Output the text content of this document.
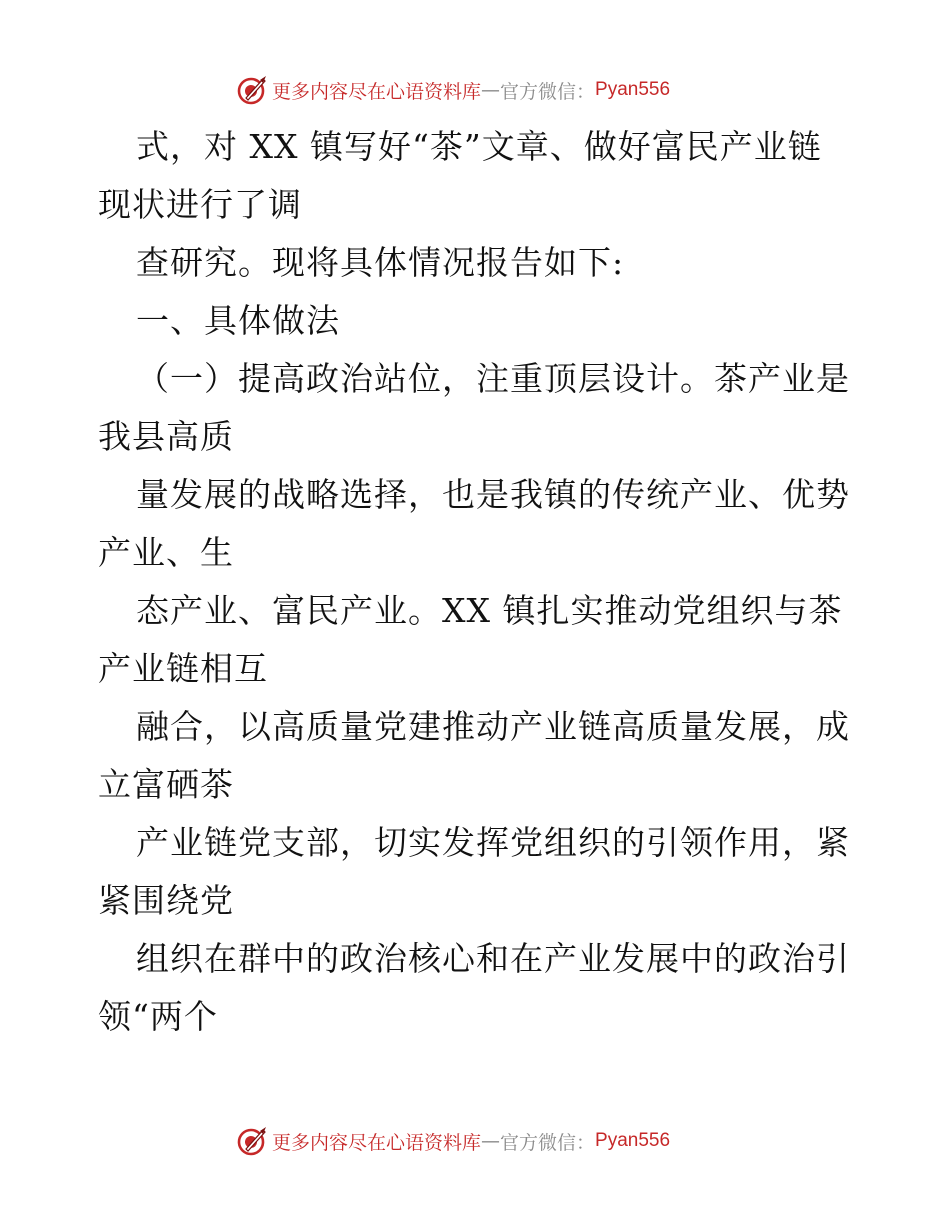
更多内容尽在心语资料库 — 官方微信： Pyan556
式，对 XX 镇写好“茶”文章、做好富民产业链
现状进行了调
查研究。现将具体情况报告如下:
一、具体做法
（一）提高政治站位，注重顶层设计。茶产业是
我县高质
量发展的战略选择，也是我镇的传统产业、优势
产业、生
态产业、富民产业。XX 镇扎实推动党组织与茶
产业链相互
融合，以高质量党建推动产业链高质量发展，成
立富硒茶
产业链党支部，切实发挥党组织的引领作用，紧
紧围绕党
组织在群中的政治核心和在产业发展中的政治引
领“两个
更多内容尽在心语资料库 — 官方微信： Pyan556
